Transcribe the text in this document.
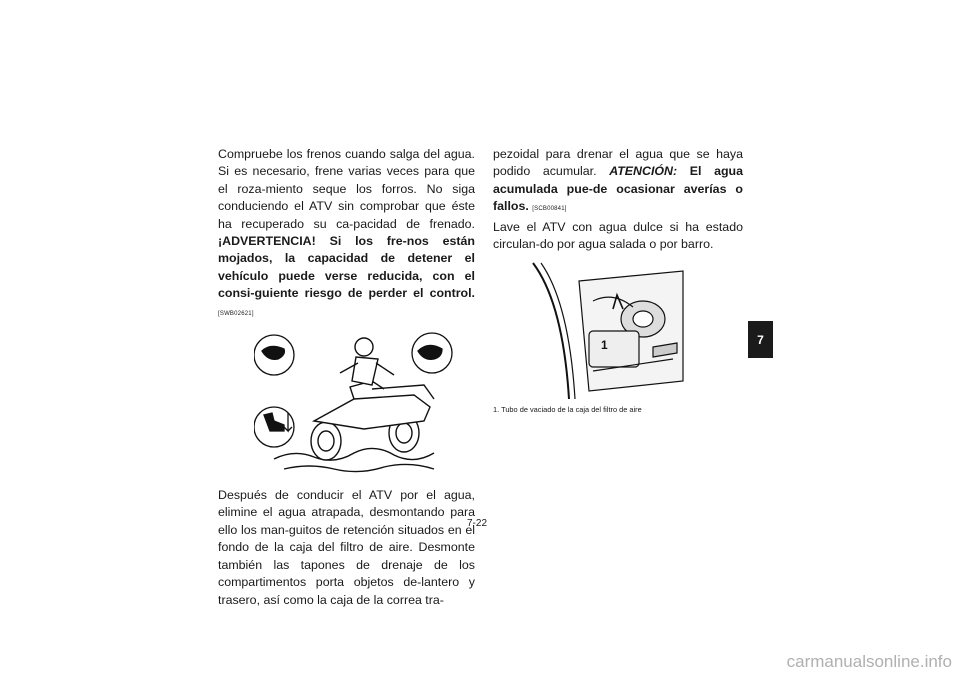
Compruebe los frenos cuando salga del agua. Si es necesario, frene varias veces para que el roza-miento seque los forros. No siga conduciendo el ATV sin comprobar que éste ha recuperado su ca-pacidad de frenado. ¡ADVERTENCIA! Si los fre-nos están mojados, la capacidad de detener el vehículo puede verse reducida, con el consi-guiente riesgo de perder el control. [SWB02621]

Después de conducir el ATV por el agua, elimine el agua atrapada, desmontando para ello los man-guitos de retención situados en el fondo de la caja del filtro de aire. Desmonte también las tapones de drenaje de los compartimentos porta objetos de-lantero y trasero, así como la caja de la correa tra-

pezoidal para drenar el agua que se haya podido acumular. ATENCIÓN: El agua acumulada pue-de ocasionar averías o fallos. [SCB00841]

Lave el ATV con agua dulce si ha estado circulan-do por agua salada o por barro.

1
1. Tubo de vaciado de la caja del filtro de aire
7-22
7
carmanualsonline.info
